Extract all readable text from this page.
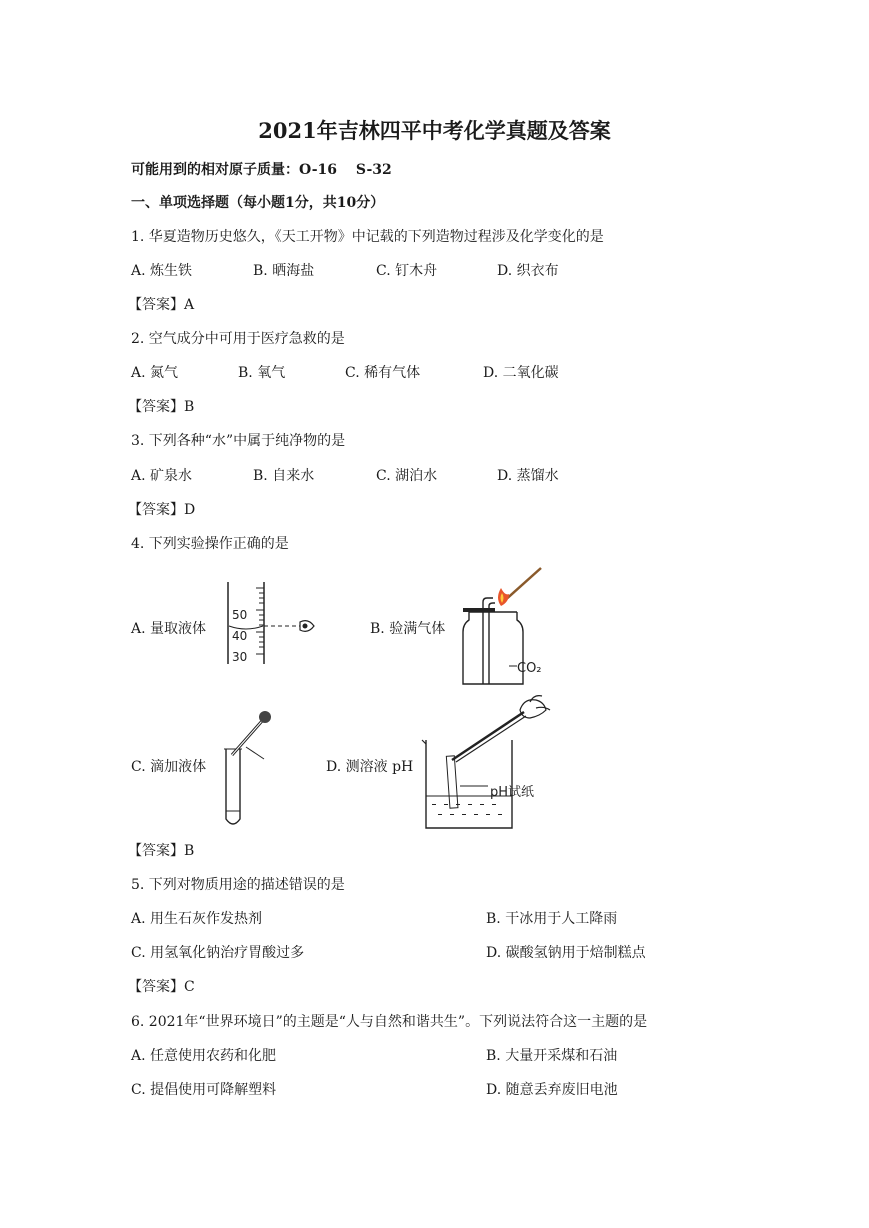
2021年吉林四平中考化学真题及答案
可能用到的相对原子质量：O-16　 S-32
一、单项选择题（每小题1分，共10分）
1. 华夏造物历史悠久，《天工开物》中记载的下列造物过程涉及化学变化的是
A. 炼生铁	B. 晒海盐	C. 钉木舟	D. 织衣布
【答案】A
2. 空气成分中可用于医疗急救的是
A. 氮气	B. 氧气	C. 稀有气体	D. 二氧化碳
【答案】B
3. 下列各种“水”中属于纯净物的是
A. 矿泉水	B. 自来水	C. 湖泊水	D. 蒸馏水
【答案】D
4. 下列实验操作正确的是
A. 量取液体	B. 验满气体
C. 滴加液体	D. 测溶液 pH
50
40
30
CO₂
pH试纸
【答案】B
5. 下列对物质用途的描述错误的是
A. 用生石灰作发热剂	B. 干冰用于人工降雨
C. 用氢氧化钠治疗胃酸过多	D. 碳酸氢钠用于焙制糕点
【答案】C
6. 2021年“世界环境日”的主题是“人与自然和谐共生”。下列说法符合这一主题的是
A. 任意使用农药和化肥	B. 大量开采煤和石油
C. 提倡使用可降解塑料	D. 随意丢弃废旧电池
